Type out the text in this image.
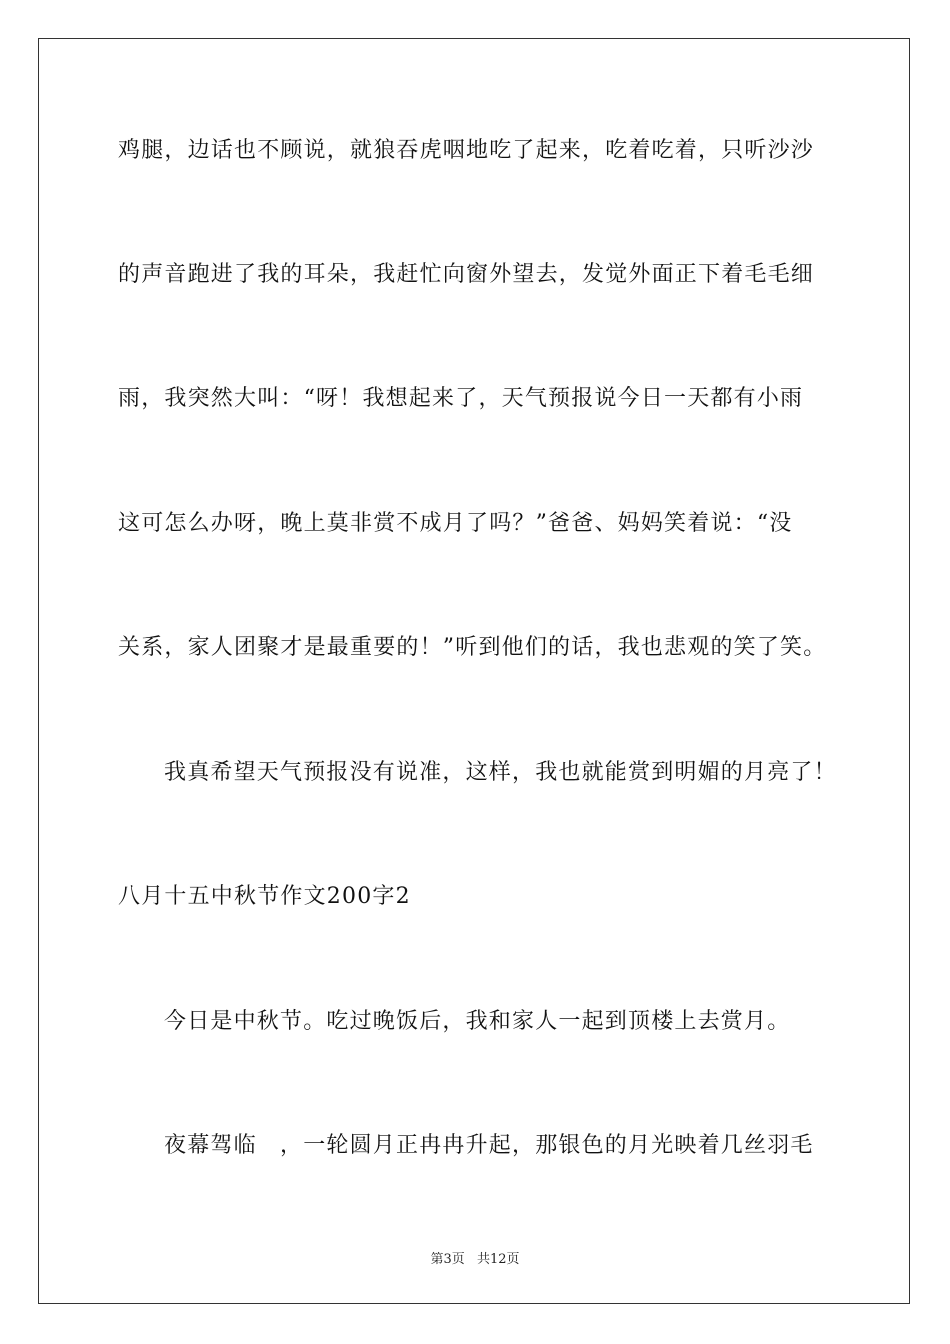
鸡腿，边话也不顾说，就狼吞虎咽地吃了起来，吃着吃着，只听沙沙
的声音跑进了我的耳朵，我赶忙向窗外望去，发觉外面正下着毛毛细
雨，我突然大叫：“呀！我想起来了，天气预报说今日一天都有小雨
这可怎么办呀，晚上莫非赏不成月了吗？”爸爸、妈妈笑着说：“没
关系，家人团聚才是最重要的！”听到他们的话，我也悲观的笑了笑。
我真希望天气预报没有说准，这样，我也就能赏到明媚的月亮了！
八月十五中秋节作文200字2
今日是中秋节。吃过晚饭后，我和家人一起到顶楼上去赏月。
夜幕驾临　，一轮圆月正冉冉升起，那银色的月光映着几丝羽毛
第3页 共12页
